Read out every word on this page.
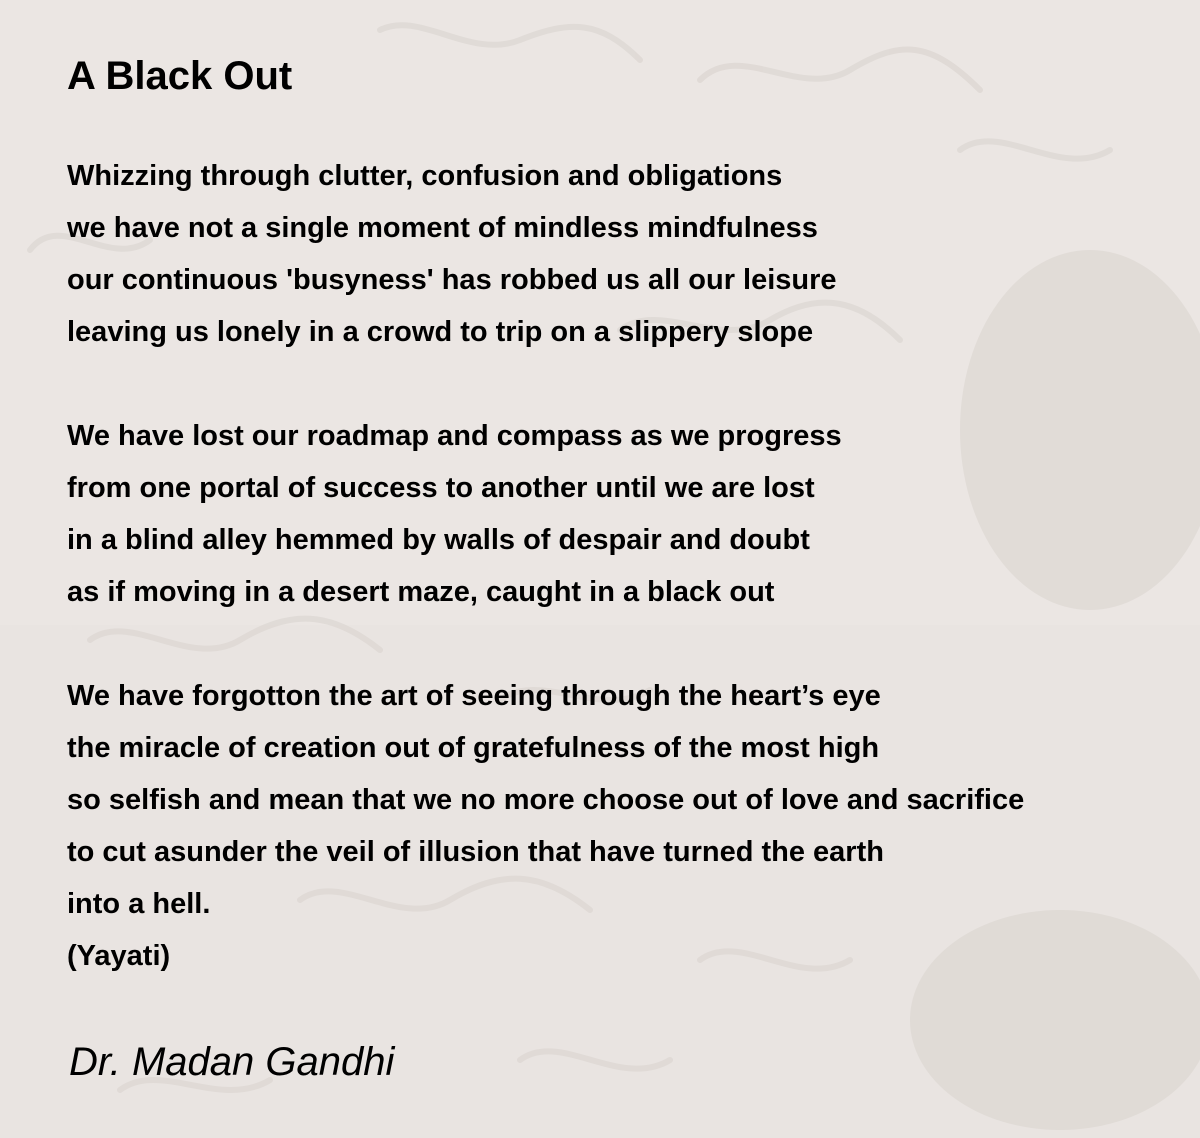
A Black Out
Whizzing through clutter, confusion and obligations
we have not a single moment of mindless mindfulness
our continuous 'busyness' has robbed us all our leisure
leaving us lonely in a crowd to trip on a slippery slope
We have lost our roadmap and compass as we progress
from one portal of success to another until we are lost
in a blind alley hemmed by walls of despair and doubt
as if moving in a desert maze, caught in a black out
We have forgotton the art of seeing through the heart’s eye
the miracle of creation out of gratefulness of the most high
so selfish and mean that we no more choose out of love and sacrifice
to cut asunder the veil of illusion that have turned the earth
into a hell.
(Yayati)
Dr. Madan Gandhi
